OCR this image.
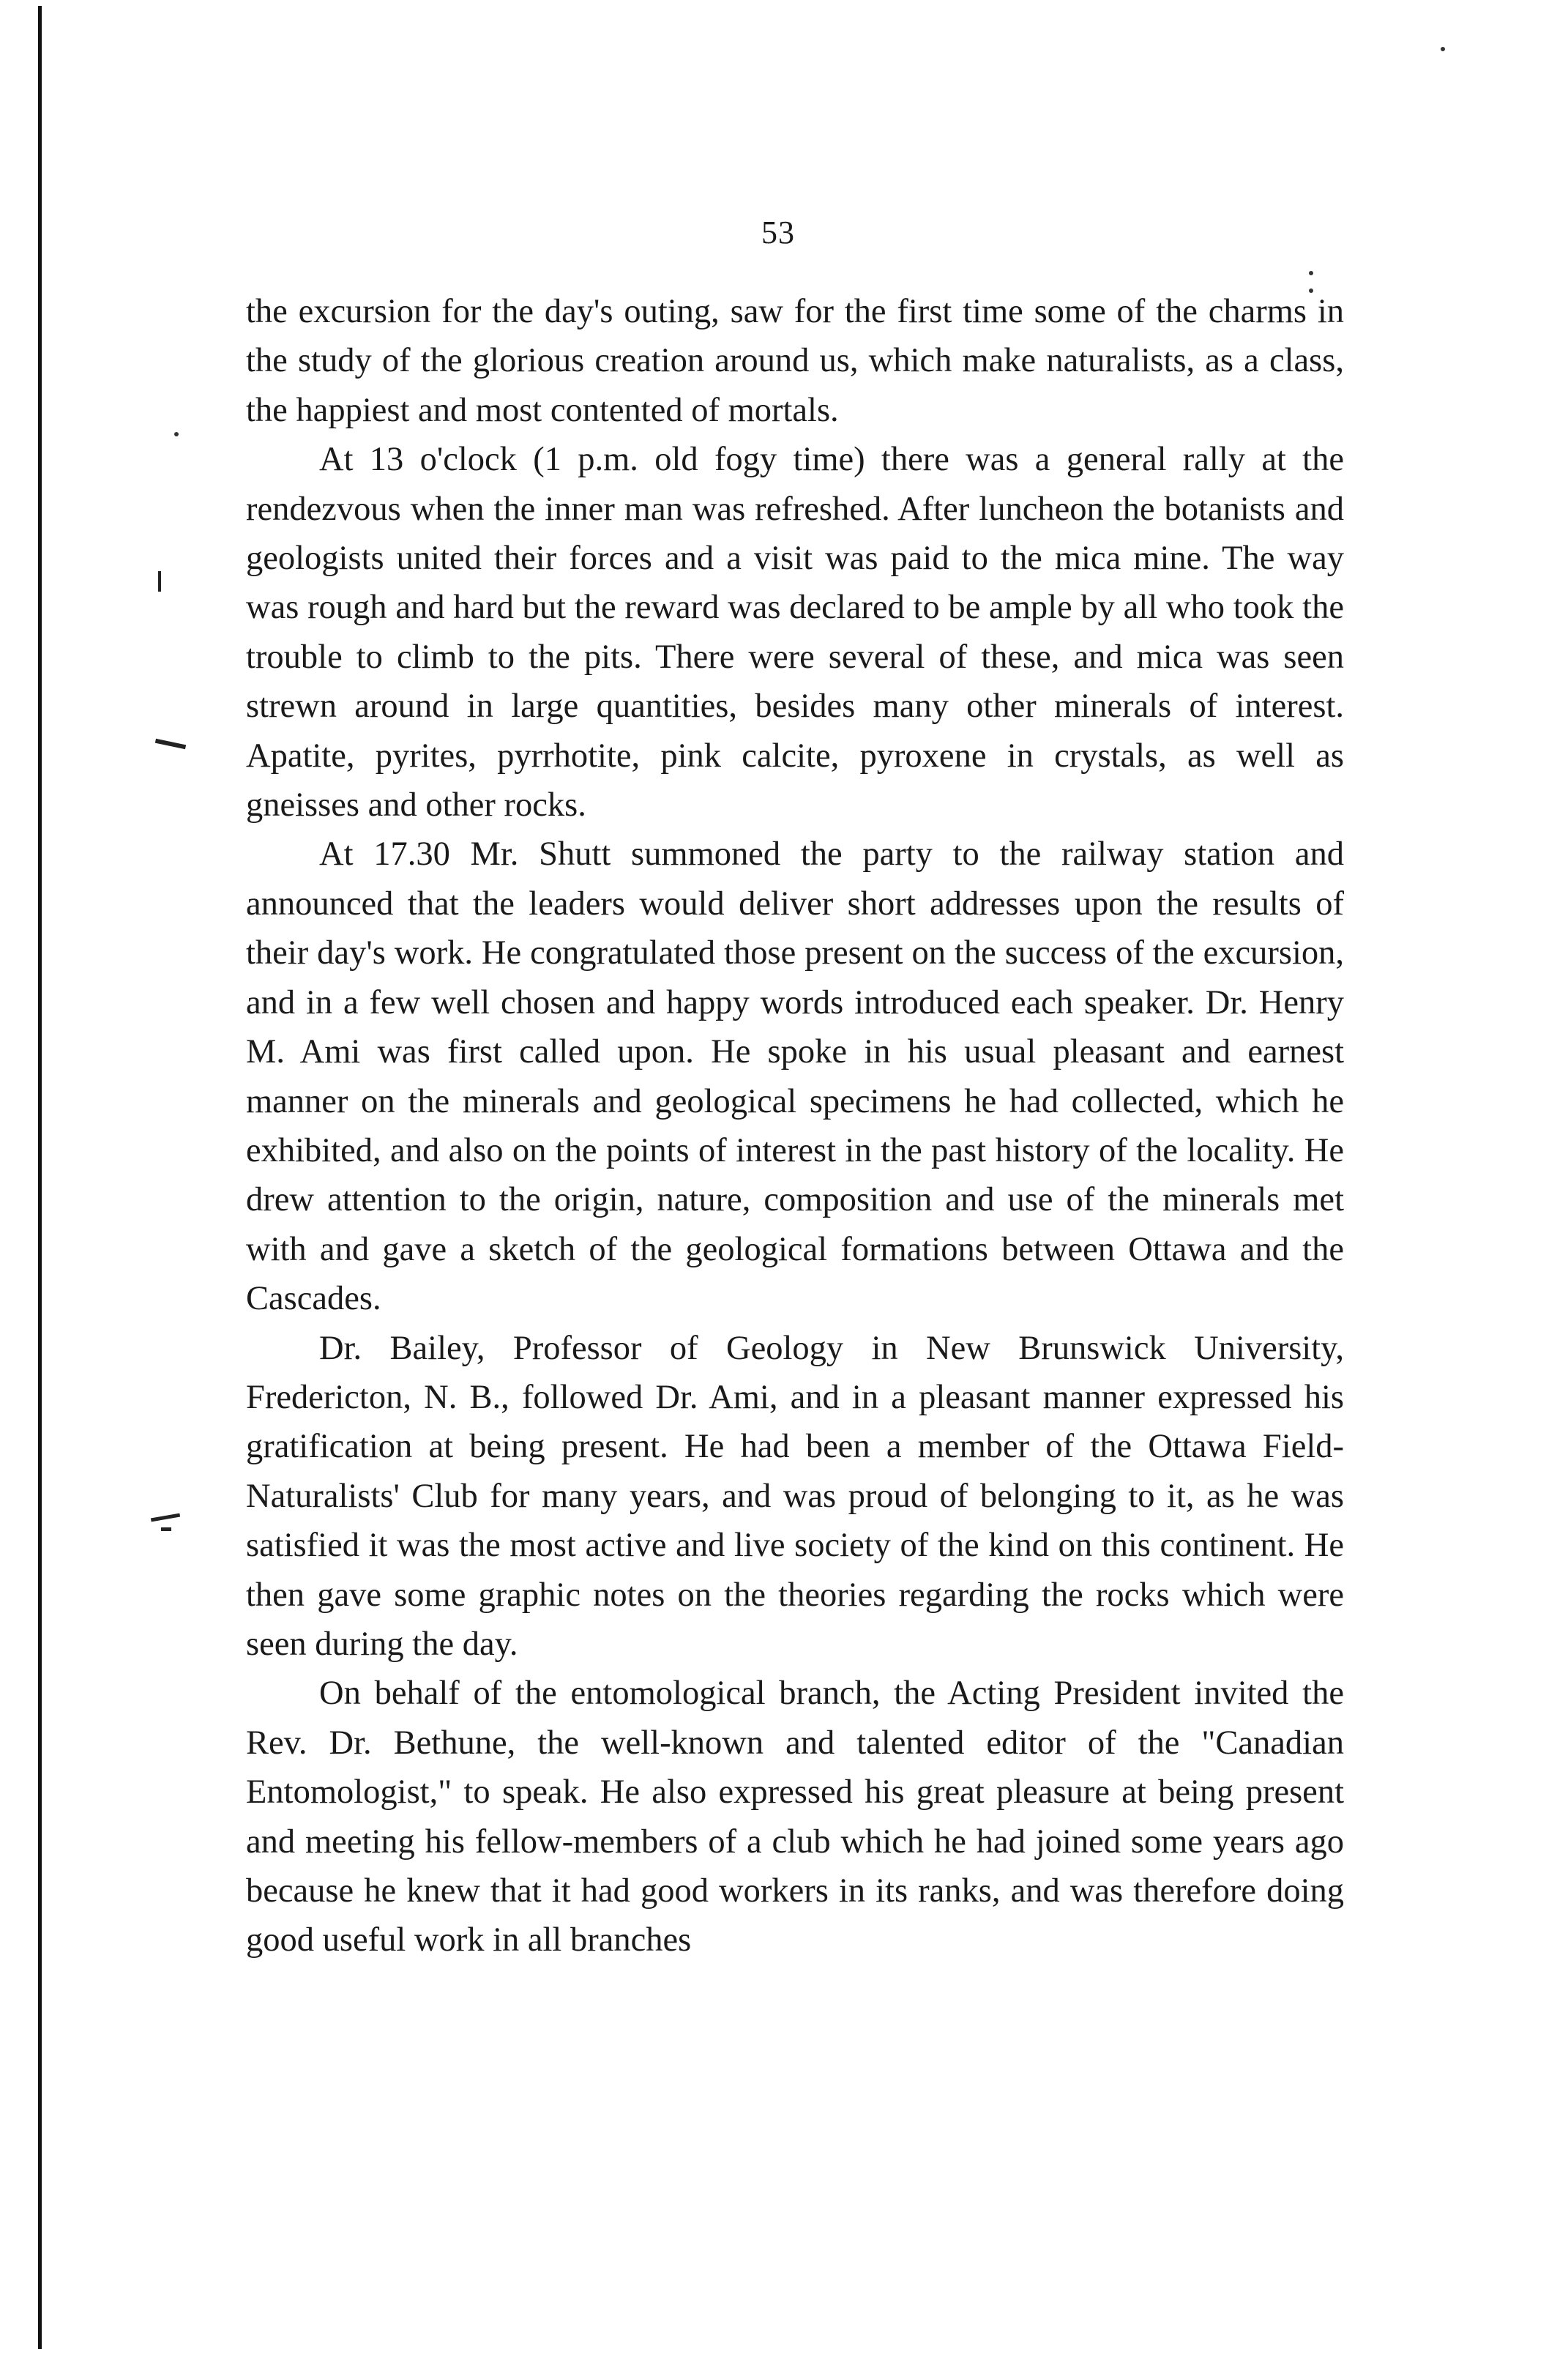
53

the excursion for the day's outing, saw for the first time some of the charms in the study of the glorious creation around us, which make naturalists, as a class, the happiest and most contented of mortals.

At 13 o'clock (1 p.m. old fogy time) there was a general rally at the rendezvous when the inner man was refreshed. After luncheon the botanists and geologists united their forces and a visit was paid to the mica mine. The way was rough and hard but the reward was declared to be ample by all who took the trouble to climb to the pits. There were several of these, and mica was seen strewn around in large quantities, besides many other minerals of interest. Apatite, pyrites, pyrrhotite, pink calcite, pyroxene in crystals, as well as gneisses and other rocks.

At 17.30 Mr. Shutt summoned the party to the railway station and announced that the leaders would deliver short addresses upon the results of their day's work. He congratulated those present on the success of the excursion, and in a few well chosen and happy words introduced each speaker. Dr. Henry M. Ami was first called upon. He spoke in his usual pleasant and earnest manner on the minerals and geological specimens he had collected, which he exhibited, and also on the points of interest in the past history of the locality. He drew attention to the origin, nature, composition and use of the minerals met with and gave a sketch of the geological formations between Ottawa and the Cascades.

Dr. Bailey, Professor of Geology in New Brunswick University, Fredericton, N. B., followed Dr. Ami, and in a pleasant manner expressed his gratification at being present. He had been a member of the Ottawa Field-Naturalists' Club for many years, and was proud of belonging to it, as he was satisfied it was the most active and live society of the kind on this continent. He then gave some graphic notes on the theories regarding the rocks which were seen during the day.

On behalf of the entomological branch, the Acting President invited the Rev. Dr. Bethune, the well-known and talented editor of the "Canadian Entomologist," to speak. He also expressed his great pleasure at being present and meeting his fellow-members of a club which he had joined some years ago because he knew that it had good workers in its ranks, and was therefore doing good useful work in all branches
